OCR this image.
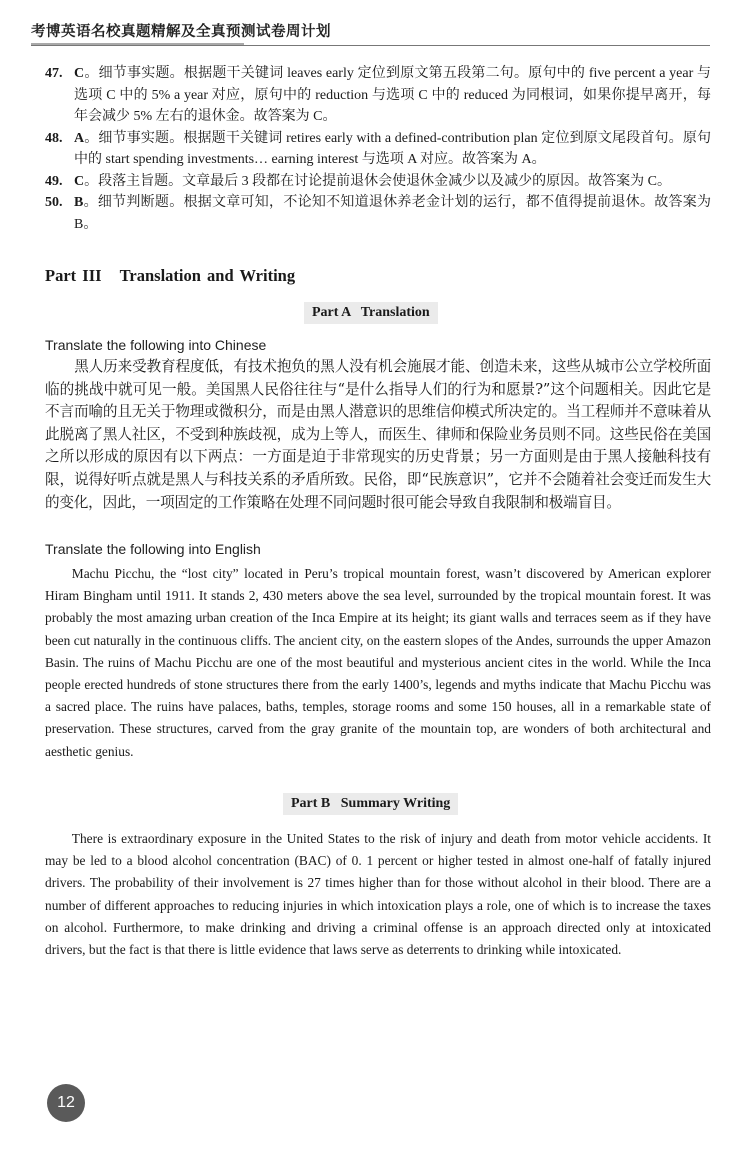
考博英语名校真题精解及全真预测试卷周计划
47. C。细节事实题。根据题干关键词 leaves early 定位到原文第五段第二句。原句中的 five percent a year 与选项 C 中的 5% a year 对应，原句中的 reduction 与选项 C 中的 reduced 为同根词，如果你提早离开，每年会减少 5% 左右的退休金。故答案为 C。
48. A。细节事实题。根据题干关键词 retires early with a defined-contribution plan 定位到原文尾段首句。原句中的 start spending investments… earning interest 与选项 A 对应。故答案为 A。
49. C。段落主旨题。文章最后 3 段都在讨论提前退休会使退休金减少以及减少的原因。故答案为 C。
50. B。细节判断题。根据文章可知，不论知不知道退休养老金计划的运行，都不值得提前退休。故答案为 B。
Part III   Translation and Writing
Part A   Translation
Translate the following into Chinese
黑人历来受教育程度低，有技术抱负的黑人没有机会施展才能、创造未来，这些从城市公立学校所面临的挑战中就可见一般。美国黑人民俗往往与“是什么指导人们的行为和愿景?”这个问题相关。因此它是不言而喻的且无关于物理或微积分，而是由黑人潜意识的思维信仰模式所决定的。当工程师并不意味着从此脱离了黑人社区，不受到种族歧视，成为上等人，而医生、律师和保险业务员则不同。这些民俗在美国之所以形成的原因有以下两点：一方面是迫于非常现实的历史背景；另一方面则是由于黑人接触科技有限，说得好听点就是黑人与科技关系的矛盾所致。民俗，即“民族意识”，它并不会随着社会变迁而发生大的变化，因此，一项固定的工作策略在处理不同问题时很可能会导致自我限制和极端盲目。
Translate the following into English
Machu Picchu, the “lost city” located in Peru’s tropical mountain forest, wasn’t discovered by American explorer Hiram Bingham until 1911. It stands 2, 430 meters above the sea level, surrounded by the tropical mountain forest. It was probably the most amazing urban creation of the Inca Empire at its height; its giant walls and terraces seem as if they have been cut naturally in the continuous cliffs. The ancient city, on the eastern slopes of the Andes, surrounds the upper Amazon Basin. The ruins of Machu Picchu are one of the most beautiful and mysterious ancient cites in the world. While the Inca people erected hundreds of stone structures there from the early 1400’s, legends and myths indicate that Machu Picchu was a sacred place. The ruins have palaces, baths, temples, storage rooms and some 150 houses, all in a remarkable state of preservation. These structures, carved from the gray granite of the mountain top, are wonders of both architectural and aesthetic genius.
Part B   Summary Writing
There is extraordinary exposure in the United States to the risk of injury and death from motor vehicle accidents. It may be led to a blood alcohol concentration (BAC) of 0. 1 percent or higher tested in almost one-half of fatally injured drivers. The probability of their involvement is 27 times higher than for those without alcohol in their blood. There are a number of different approaches to reducing injuries in which intoxication plays a role, one of which is to increase the taxes on alcohol. Furthermore, to make drinking and driving a criminal offense is an approach directed only at intoxicated drivers, but the fact is that there is little evidence that laws serve as deterrents to drinking while intoxicated.
12
